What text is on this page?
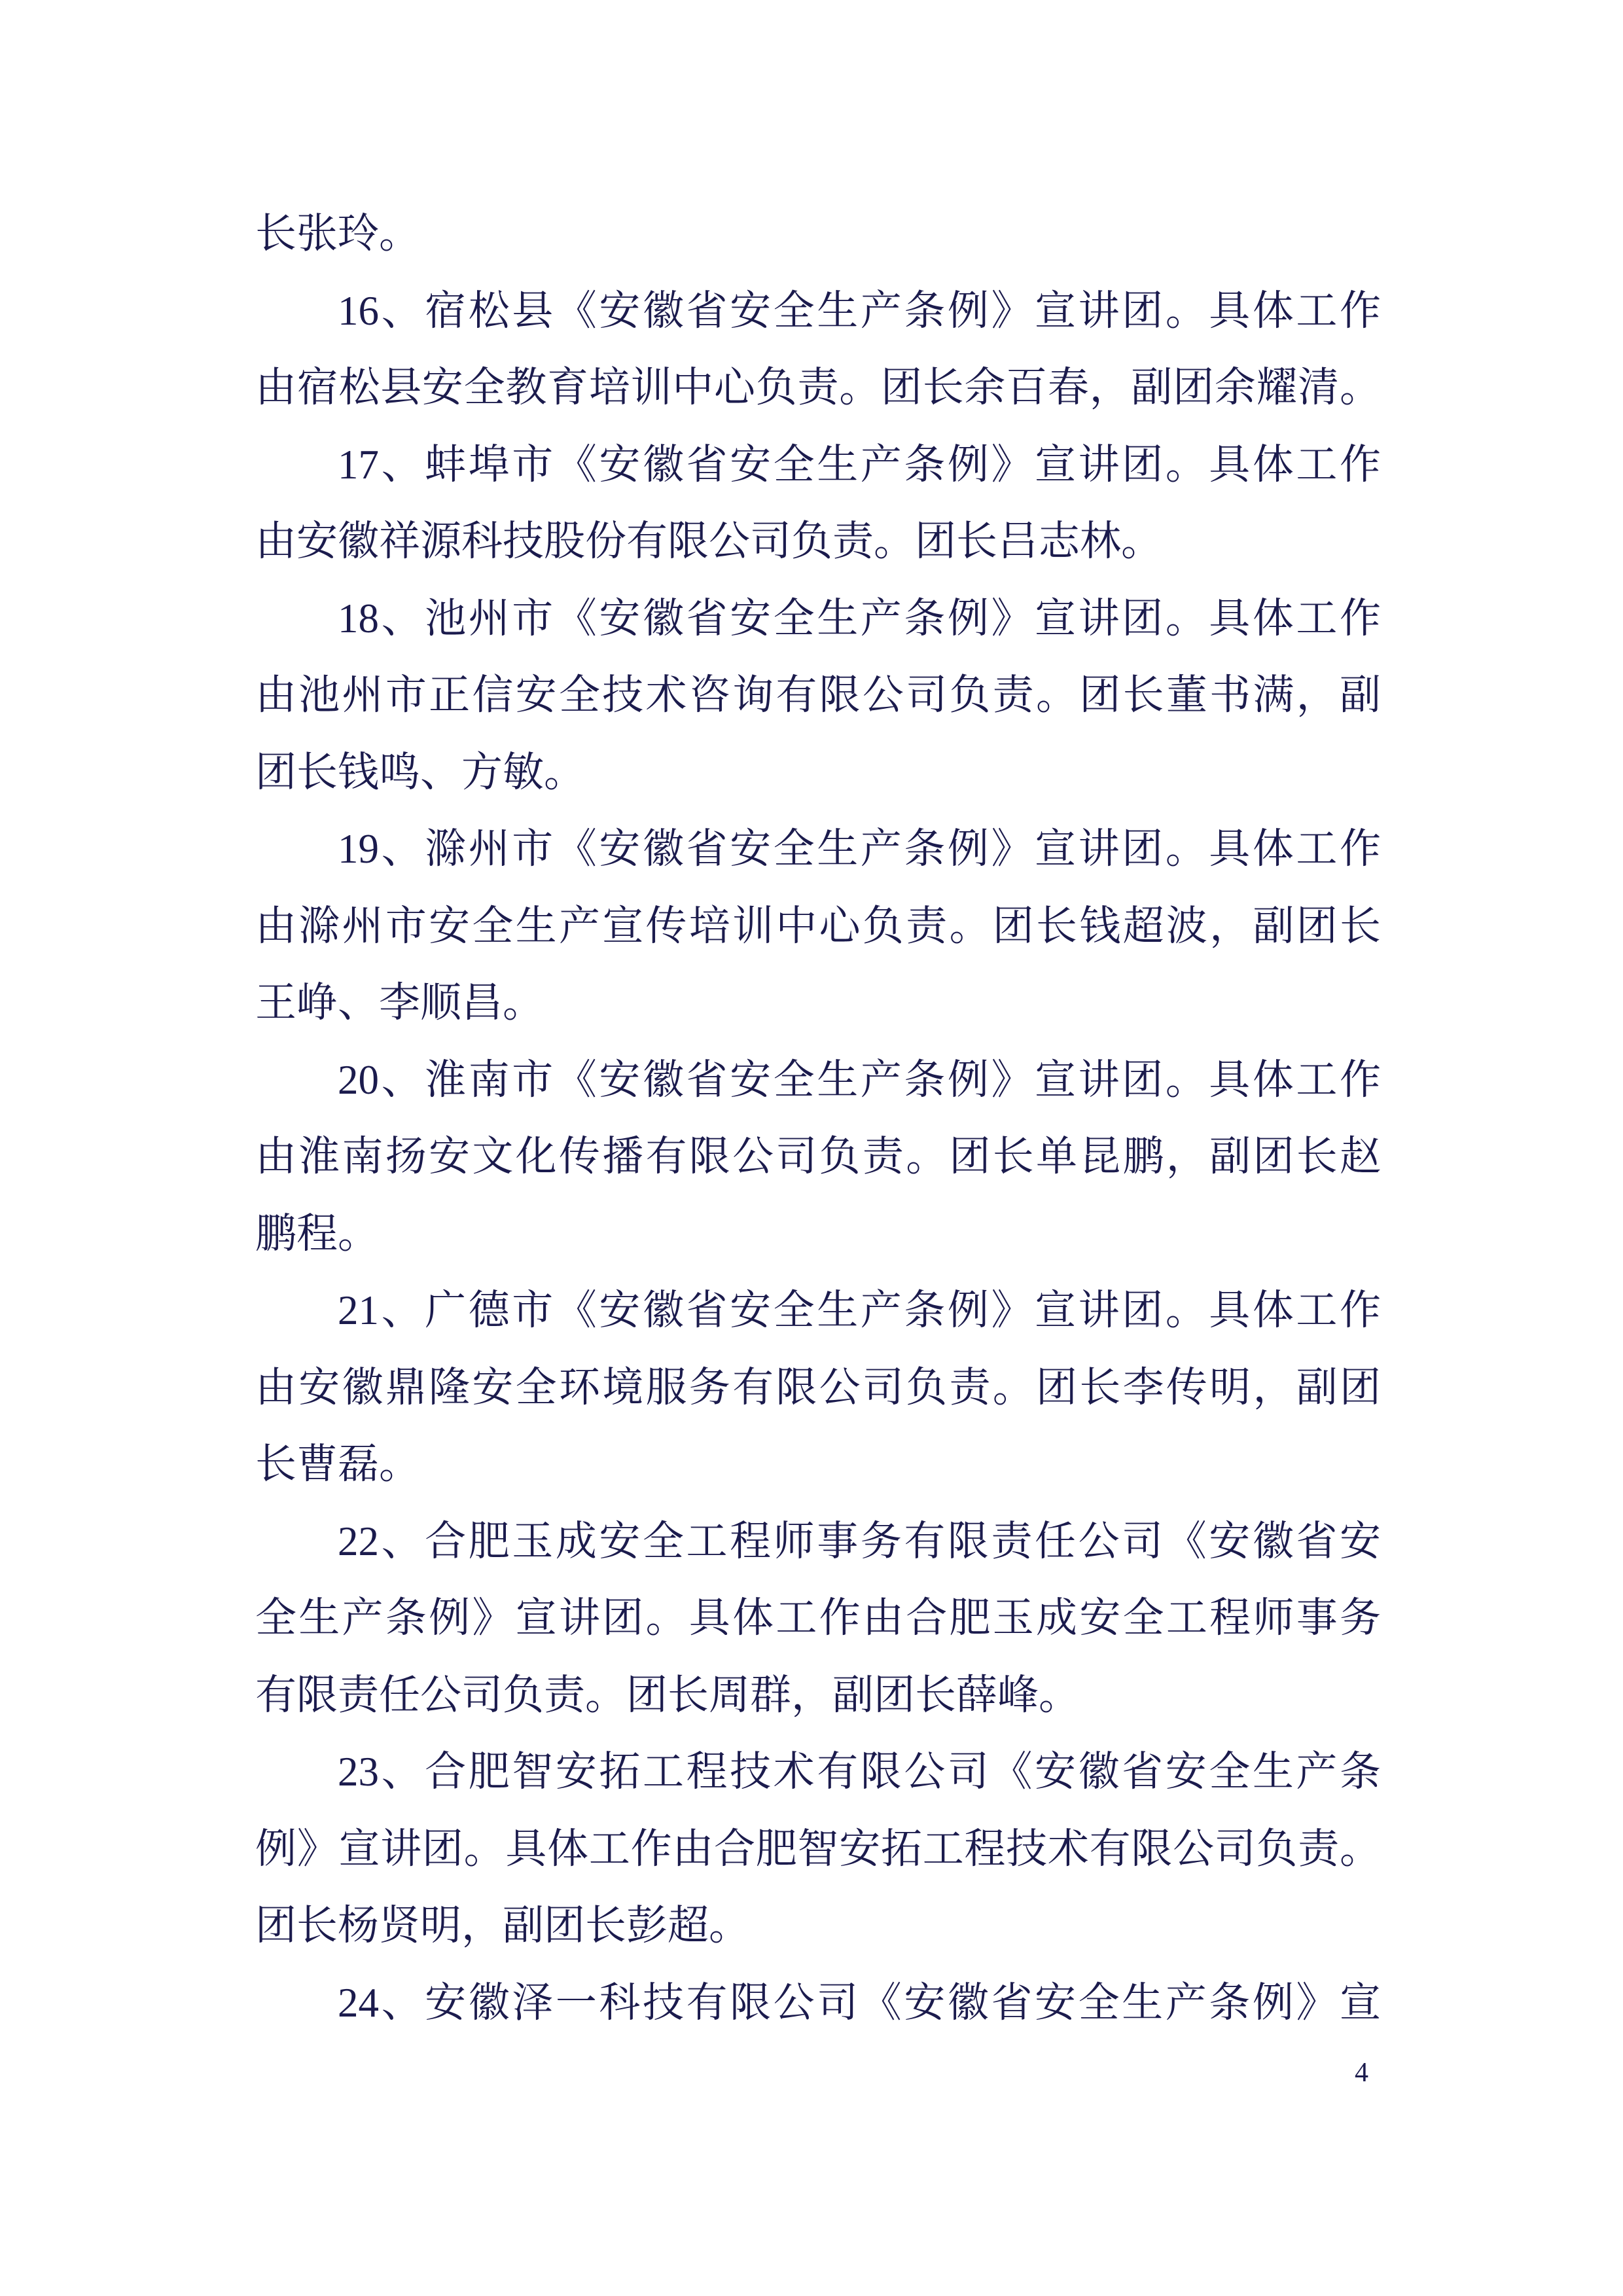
长张玲。
16、宿松县《安徽省安全生产条例》宣讲团。具体工作
由宿松县安全教育培训中心负责。团长余百春，副团余耀清。
17、蚌埠市《安徽省安全生产条例》宣讲团。具体工作
由安徽祥源科技股份有限公司负责。团长吕志林。
18、池州市《安徽省安全生产条例》宣讲团。具体工作
由池州市正信安全技术咨询有限公司负责。团长董书满，副
团长钱鸣、方敏。
19、滁州市《安徽省安全生产条例》宣讲团。具体工作
由滁州市安全生产宣传培训中心负责。团长钱超波，副团长
王峥、李顺昌。
20、淮南市《安徽省安全生产条例》宣讲团。具体工作
由淮南扬安文化传播有限公司负责。团长单昆鹏，副团长赵
鹏程。
21、广德市《安徽省安全生产条例》宣讲团。具体工作
由安徽鼎隆安全环境服务有限公司负责。团长李传明，副团
长曹磊。
22、合肥玉成安全工程师事务有限责任公司《安徽省安
全生产条例》宣讲团。具体工作由合肥玉成安全工程师事务
有限责任公司负责。团长周群，副团长薛峰。
23、合肥智安拓工程技术有限公司《安徽省安全生产条
例》宣讲团。具体工作由合肥智安拓工程技术有限公司负责。
团长杨贤明，副团长彭超。
24、安徽泽一科技有限公司《安徽省安全生产条例》宣
4
